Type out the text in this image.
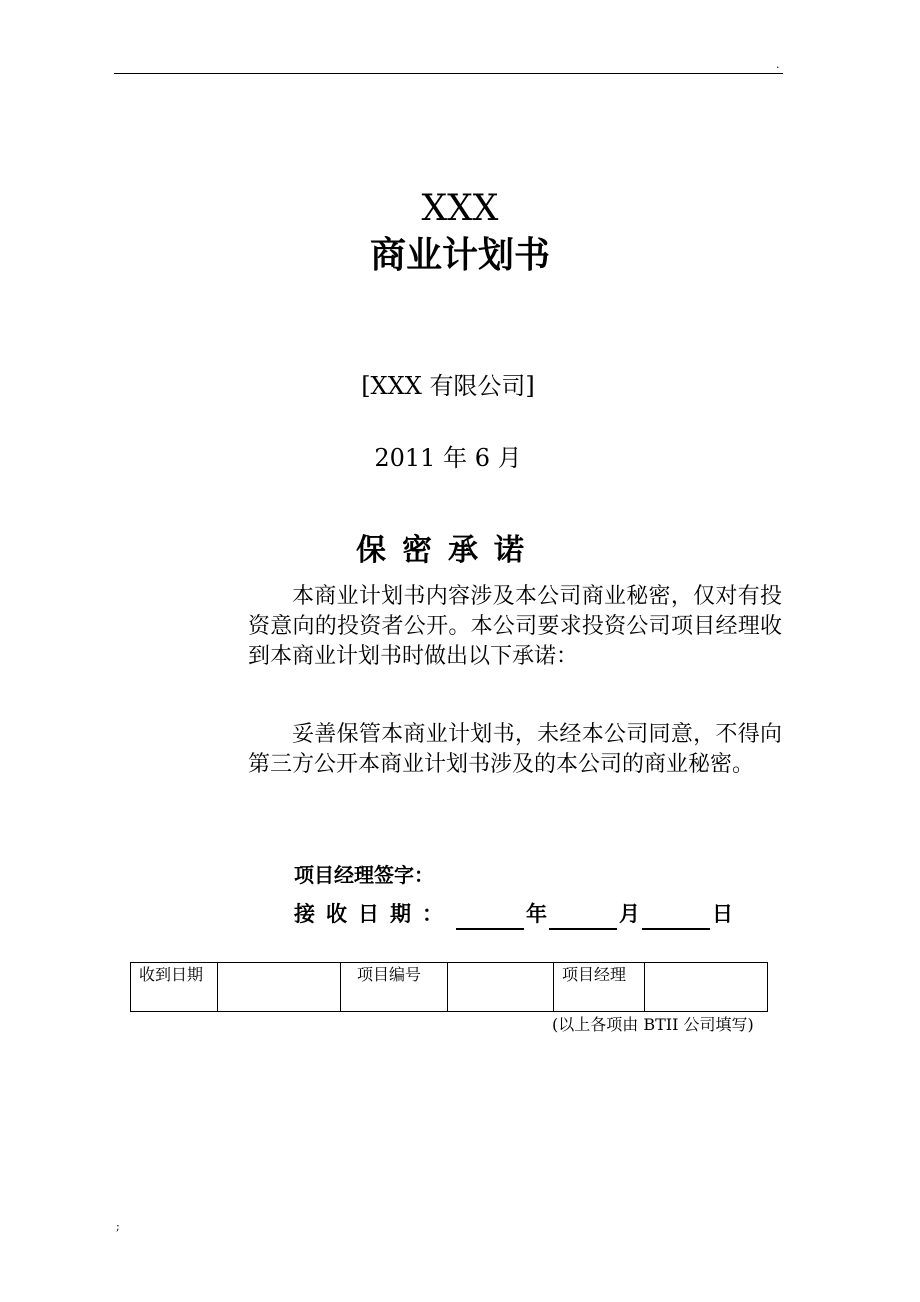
.
XXX
商业计划书
[XXX 有限公司]
2011 年 6 月
保密承诺
本商业计划书内容涉及本公司商业秘密，仅对有投资意向的投资者公开。本公司要求投资公司项目经理收到本商业计划书时做出以下承诺：
妥善保管本商业计划书，未经本公司同意，不得向第三方公开本商业计划书涉及的本公司的商业秘密。
项目经理签字：
接收日期：	年	月	日
收到日期		项目编号		项目经理	
(以上各项由 BTII 公司填写)
;
